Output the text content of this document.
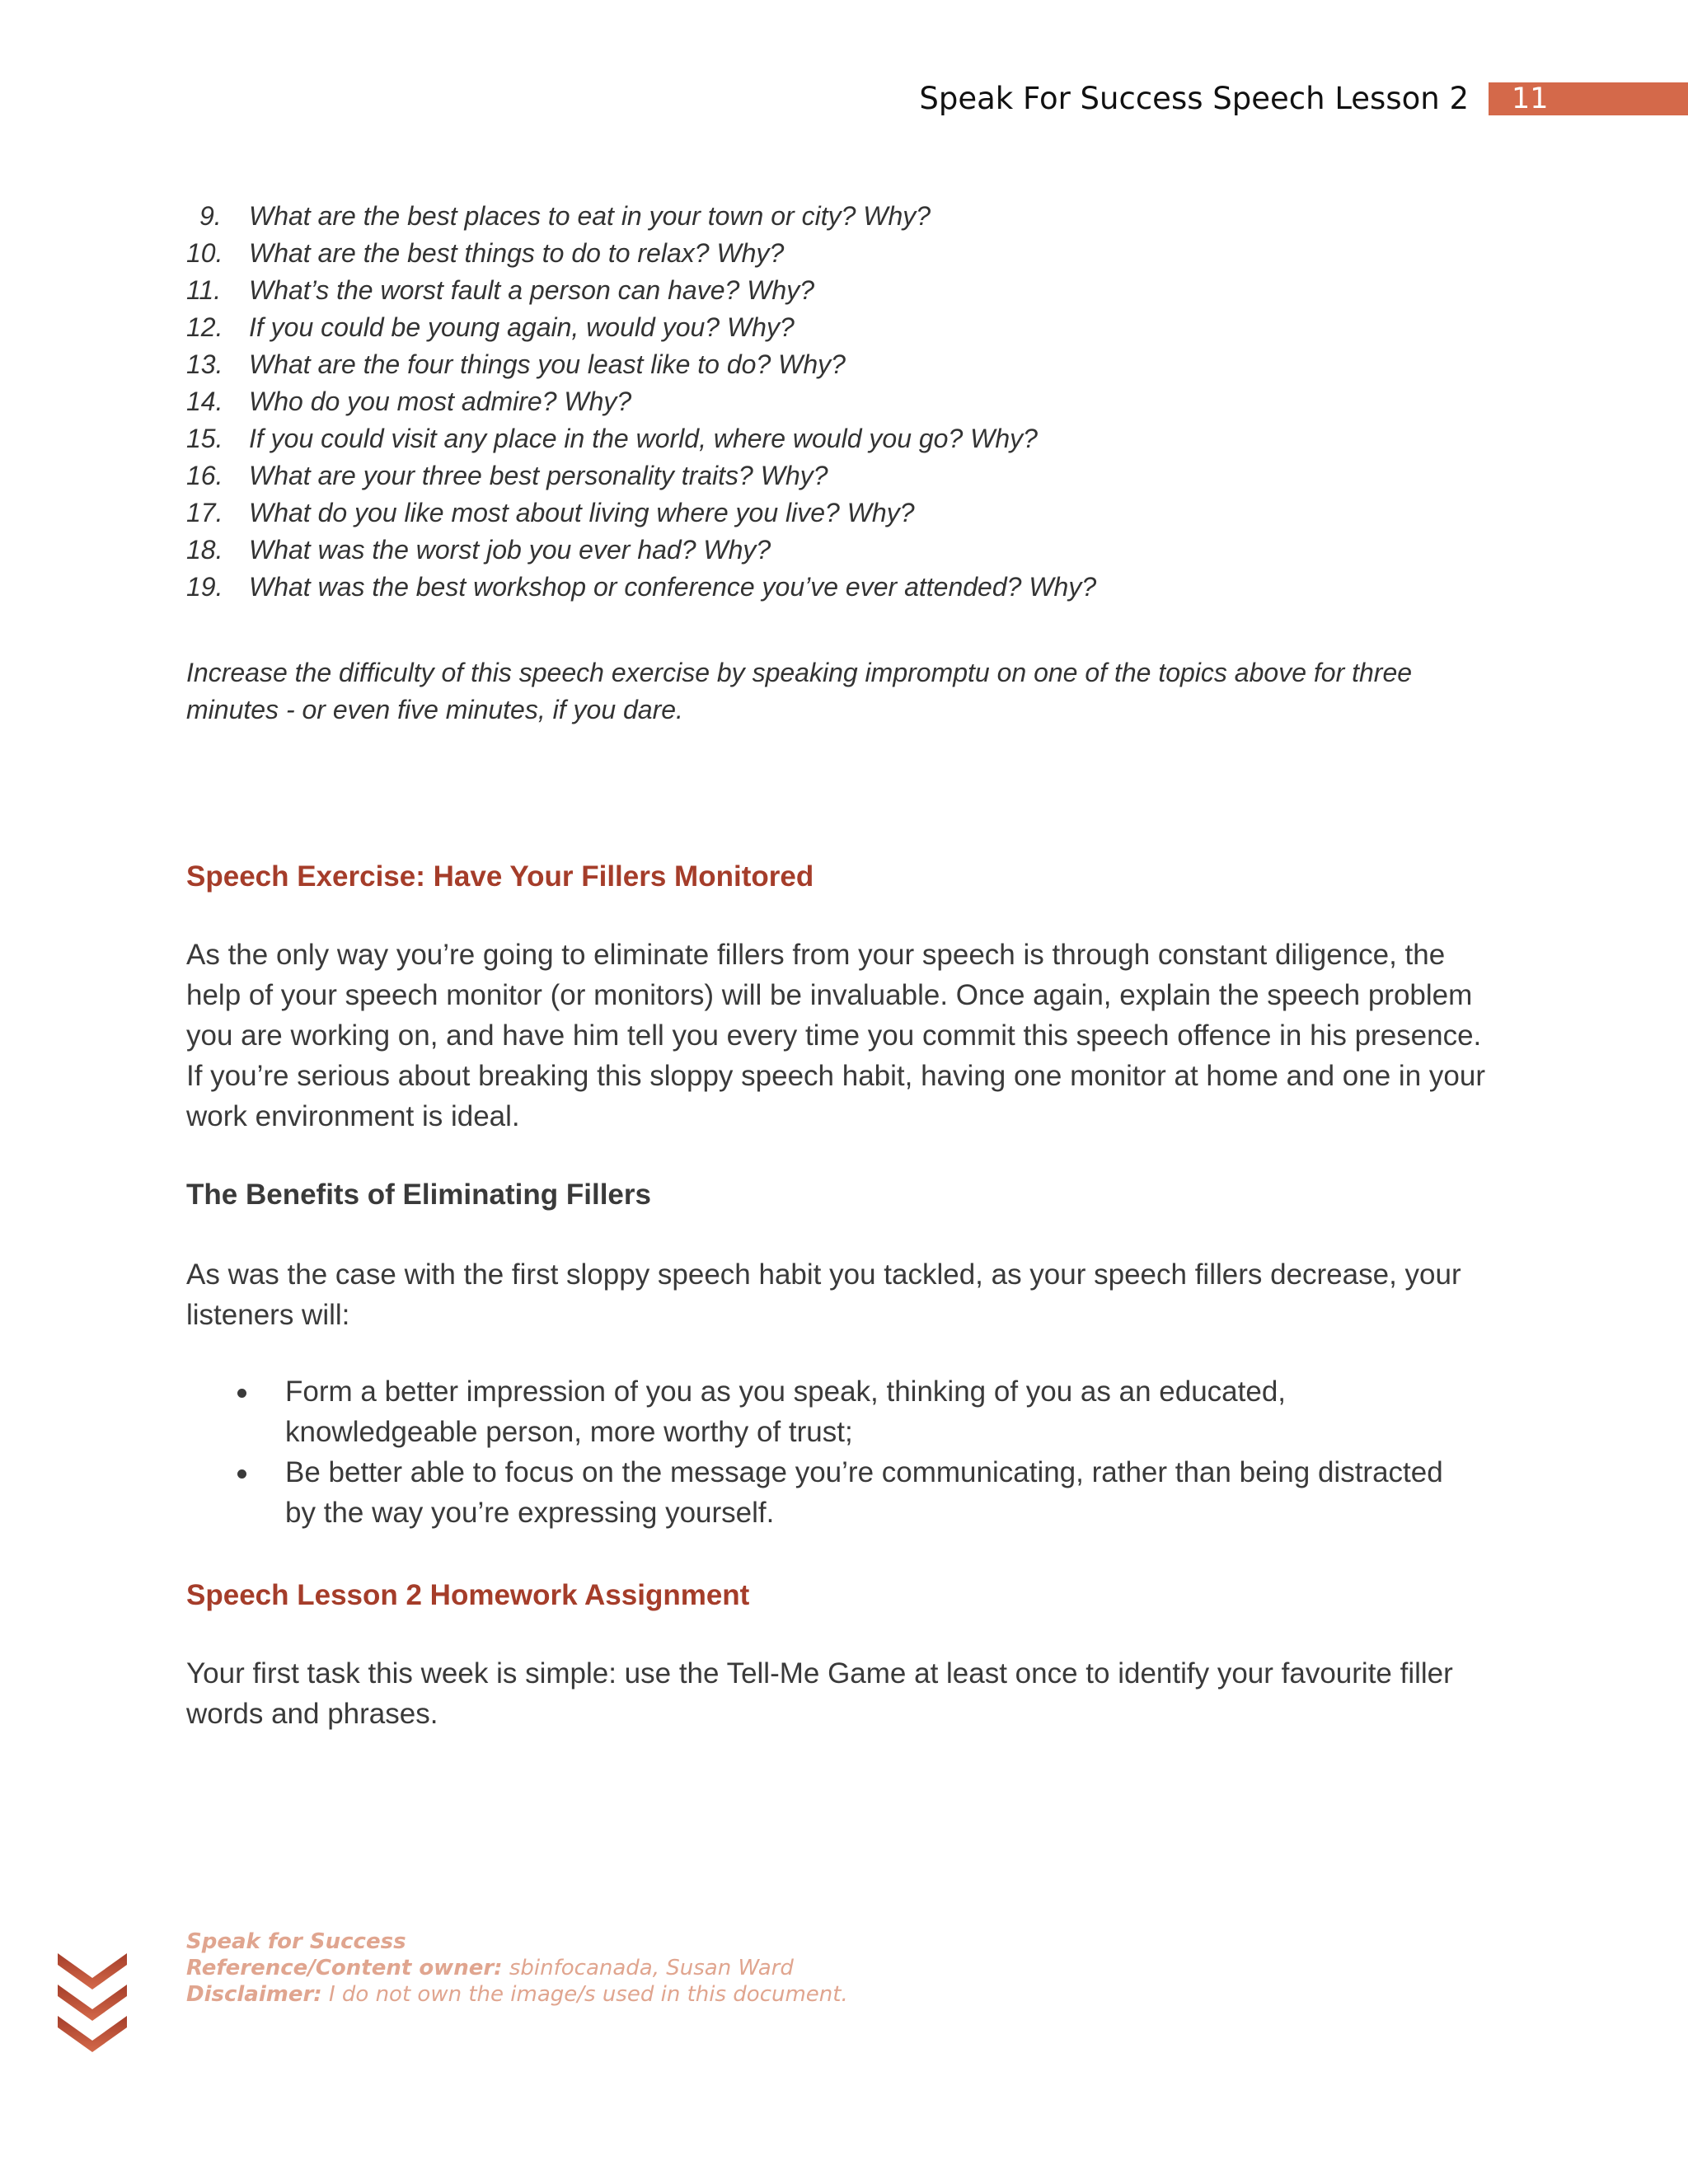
Speak For Success Speech Lesson 2	11
9.	What are the best places to eat in your town or city? Why?
10. What are the best things to do to relax? Why?
11.	What’s the worst fault a person can have? Why?
12. If you could be young again, would you? Why?
13. What are the four things you least like to do? Why?
14. Who do you most admire? Why?
15. If you could visit any place in the world, where would you go? Why?
16. What are your three best personality traits? Why?
17. What do you like most about living where you live? Why?
18. What was the worst job you ever had? Why?
19. What was the best workshop or conference you’ve ever attended? Why?
Increase the difficulty of this speech exercise by speaking impromptu on one of the topics above for three minutes - or even five minutes, if you dare.
Speech Exercise: Have Your Fillers Monitored
As the only way you’re going to eliminate fillers from your speech is through constant diligence, the help of your speech monitor (or monitors) will be invaluable. Once again, explain the speech problem you are working on, and have him tell you every time you commit this speech offence in his presence. If you’re serious about breaking this sloppy speech habit, having one monitor at home and one in your work environment is ideal.
The Benefits of Eliminating Fillers
As was the case with the first sloppy speech habit you tackled, as your speech fillers decrease, your listeners will:
Form a better impression of you as you speak, thinking of you as an educated, knowledgeable person, more worthy of trust;
Be better able to focus on the message you’re communicating, rather than being distracted by the way you’re expressing yourself.
Speech Lesson 2 Homework Assignment
Your first task this week is simple: use the Tell-Me Game at least once to identify your favourite filler words and phrases.
Speak for Success
Reference/Content owner: sbinfocanada, Susan Ward
Disclaimer: I do not own the image/s used in this document.
